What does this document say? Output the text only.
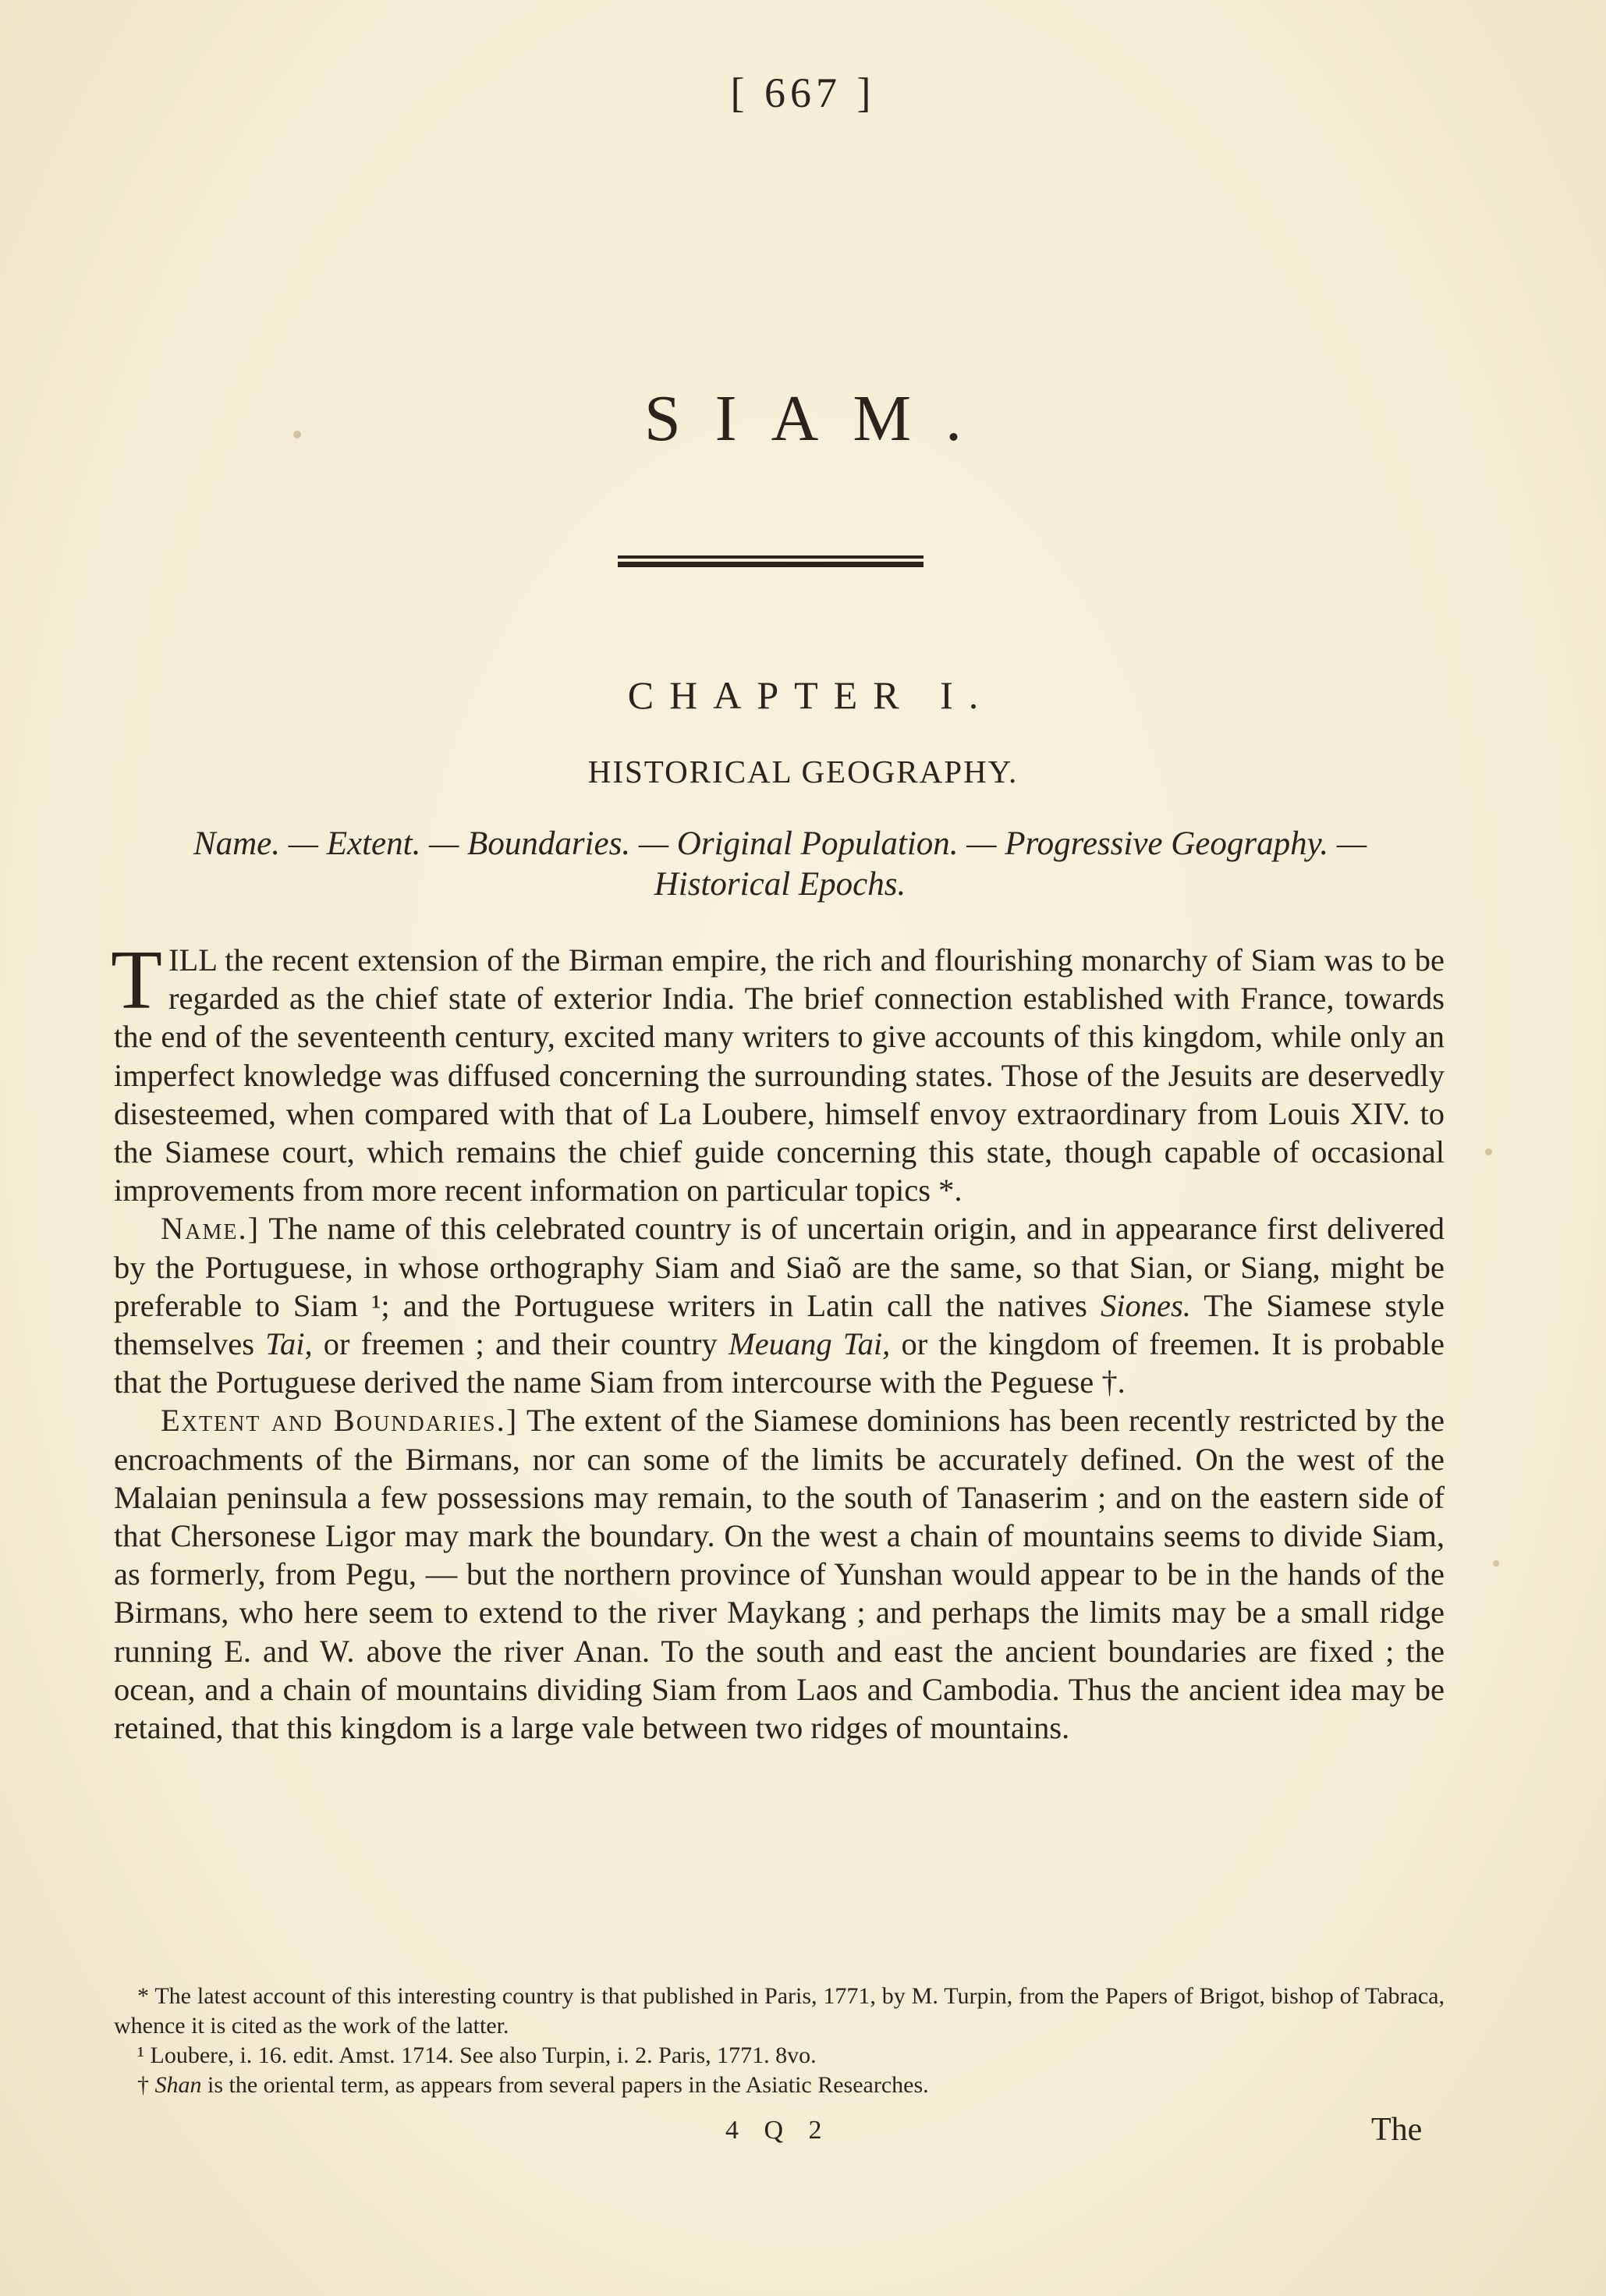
[ 667 ]
SIAM.
CHAPTER I.
HISTORICAL GEOGRAPHY.
Name. — Extent. — Boundaries. — Original Population. — Progressive Geography. —
Historical Epochs.

TILL the recent extension of the Birman empire, the rich and flourishing monarchy of Siam was to be regarded as the chief state of exterior India. The brief connection established with France, towards the end of the seventeenth century, excited many writers to give accounts of this kingdom, while only an imperfect knowledge was diffused concerning the surrounding states. Those of the Jesuits are deservedly disesteemed, when compared with that of La Loubere, himself envoy extraordinary from Louis XIV. to the Siamese court, which remains the chief guide concerning this state, though capable of occasional improvements from more recent information on particular topics *.

Name.] The name of this celebrated country is of uncertain origin, and in appearance first delivered by the Portuguese, in whose orthography Siam and Siaõ are the same, so that Sian, or Siang, might be preferable to Siam ¹; and the Portuguese writers in Latin call the natives Siones. The Siamese style themselves Tai, or freemen ; and their country Meuang Tai, or the kingdom of freemen. It is probable that the Portuguese derived the name Siam from intercourse with the Peguese †.

Extent and Boundaries.] The extent of the Siamese dominions has been recently restricted by the encroachments of the Birmans, nor can some of the limits be accurately defined. On the west of the Malaian peninsula a few possessions may remain, to the south of Tanaserim ; and on the eastern side of that Chersonese Ligor may mark the boundary. On the west a chain of mountains seems to divide Siam, as formerly, from Pegu, — but the northern province of Yunshan would appear to be in the hands of the Birmans, who here seem to extend to the river Maykang ; and perhaps the limits may be a small ridge running E. and W. above the river Anan. To the south and east the ancient boundaries are fixed ; the ocean, and a chain of mountains dividing Siam from Laos and Cambodia. Thus the ancient idea may be retained, that this kingdom is a large vale between two ridges of mountains.

* The latest account of this interesting country is that published in Paris, 1771, by M. Turpin, from the Papers of Brigot, bishop of Tabraca, whence it is cited as the work of the latter.

¹ Loubere, i. 16. edit. Amst. 1714. See also Turpin, i. 2. Paris, 1771. 8vo.

† Shan is the oriental term, as appears from several papers in the Asiatic Researches.

4 Q 2	The
